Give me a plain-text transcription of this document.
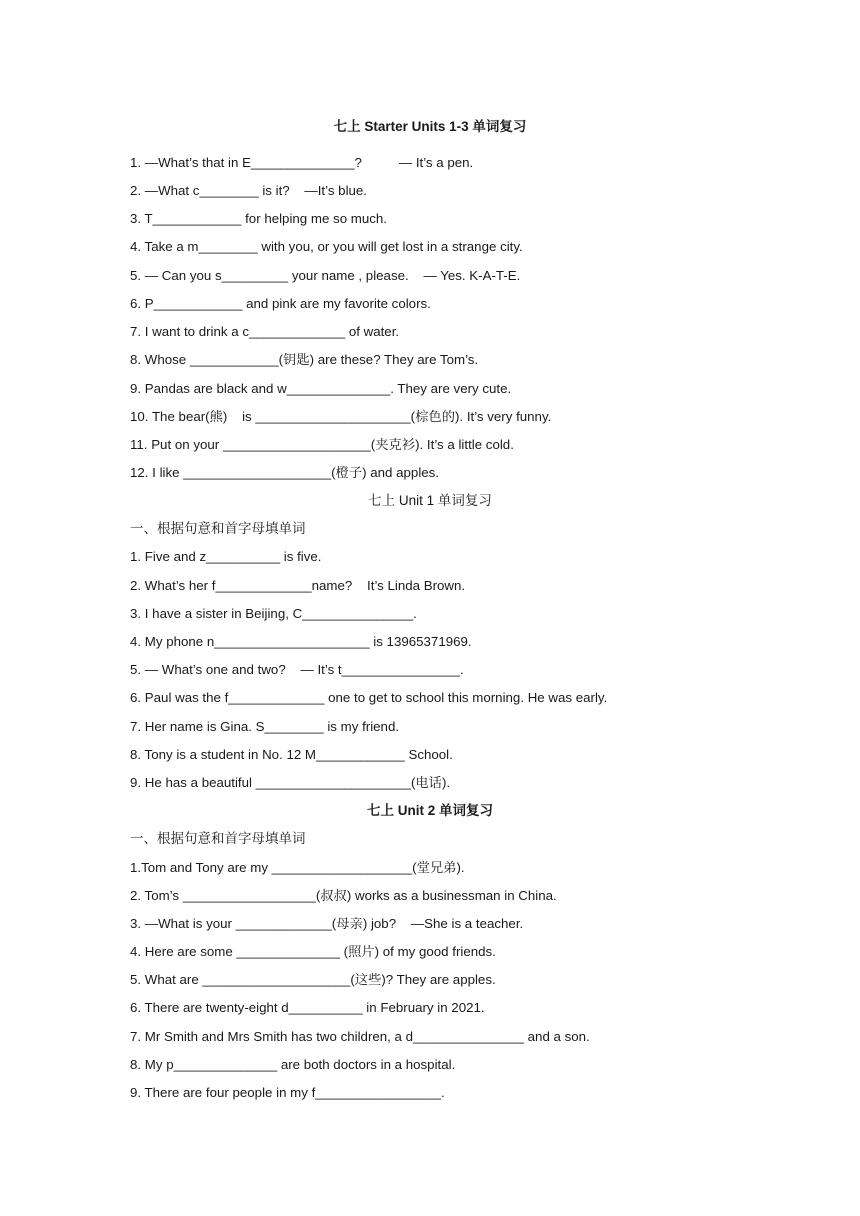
七上 Starter Units 1-3 单词复习
1. —What’s that in E______________?          — It’s a pen.
2. —What c________ is it?    —It’s blue.
3. T____________ for helping me so much.
4. Take a m________ with you, or you will get lost in a strange city.
5. — Can you s_________ your name , please.    — Yes. K-A-T-E.
6. P____________ and pink are my favorite colors.
7. I want to drink a c_____________ of water.
8. Whose ____________(钥匙) are these? They are Tom’s.
9. Pandas are black and w______________. They are very cute.
10. The bear(熊)    is _____________________(棕色的). It’s very funny.
11. Put on your ____________________(夹克衫). It’s a little cold.
12. I like ____________________(橙子) and apples.
七上 Unit 1 单词复习
一、根据句意和首字母填单词
1. Five and z__________ is five.
2. What’s her f_____________name?    It’s Linda Brown.
3. I have a sister in Beijing, C_______________.
4. My phone n_____________________ is 13965371969.
5. — What’s one and two?    — It’s t________________.
6. Paul was the f_____________ one to get to school this morning. He was early.
7. Her name is Gina. S________ is my friend.
8. Tony is a student in No. 12 M____________ School.
9. He has a beautiful _____________________(电话).
七上 Unit 2 单词复习
一、根据句意和首字母填单词
1.Tom and Tony are my ___________________(堂兄弟).
2. Tom’s __________________(叔叔) works as a businessman in China.
3. —What is your _____________(母亲) job?    —She is a teacher.
4. Here are some ______________ (照片) of my good friends.
5. What are ____________________(这些)? They are apples.
6. There are twenty-eight d__________ in February in 2021.
7. Mr Smith and Mrs Smith has two children, a d_______________ and a son.
8. My p______________ are both doctors in a hospital.
9. There are four people in my f_________________.
